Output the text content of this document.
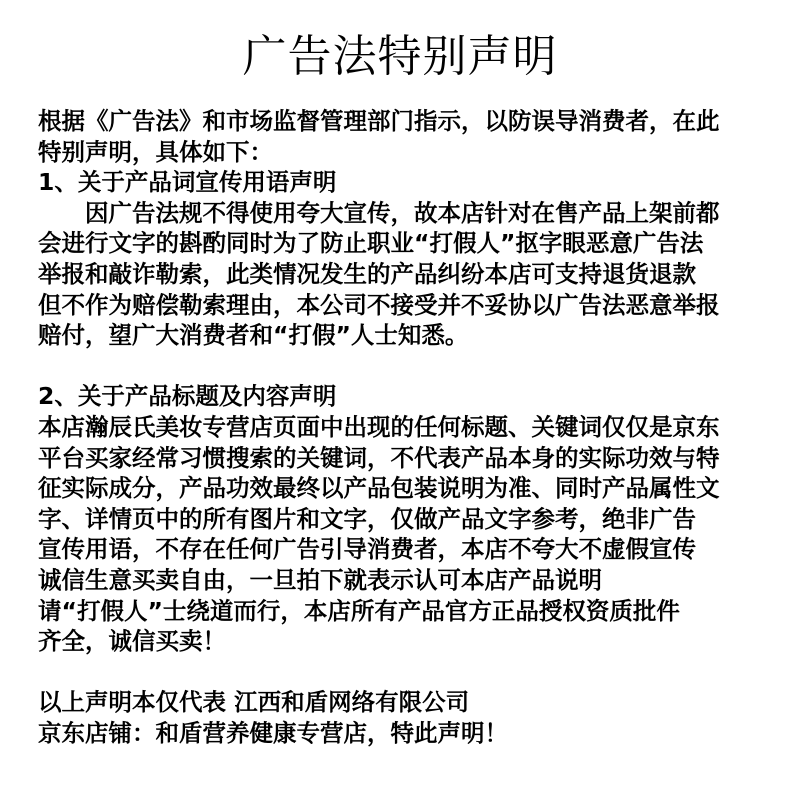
广告法特别声明
根据《广告法》和市场监督管理部门指示，以防误导消费者，在此
特别声明，具体如下：
1、关于产品词宣传用语声明
因广告法规不得使用夸大宣传，故本店针对在售产品上架前都
会进行文字的斟酌同时为了防止职业“打假人”抠字眼恶意广告法
举报和敲诈勒索，此类情况发生的产品纠纷本店可支持退货退款
但不作为赔偿勒索理由，本公司不接受并不妥协以广告法恶意举报
赔付，望广大消费者和“打假”人士知悉。
2、关于产品标题及内容声明
本店瀚辰氏美妆专营店页面中出现的任何标题、关键词仅仅是京东
平台买家经常习惯搜索的关键词，不代表产品本身的实际功效与特
征实际成分，产品功效最终以产品包装说明为准、同时产品属性文
字、详情页中的所有图片和文字，仅做产品文字参考，绝非广告
宣传用语，不存在任何广告引导消费者，本店不夸大不虚假宣传
诚信生意买卖自由，一旦拍下就表示认可本店产品说明
请“打假人”士绕道而行，本店所有产品官方正品授权资质批件
齐全，诚信买卖！
以上声明本仅代表 江西和盾网络有限公司
京东店铺：和盾营养健康专营店，特此声明！
